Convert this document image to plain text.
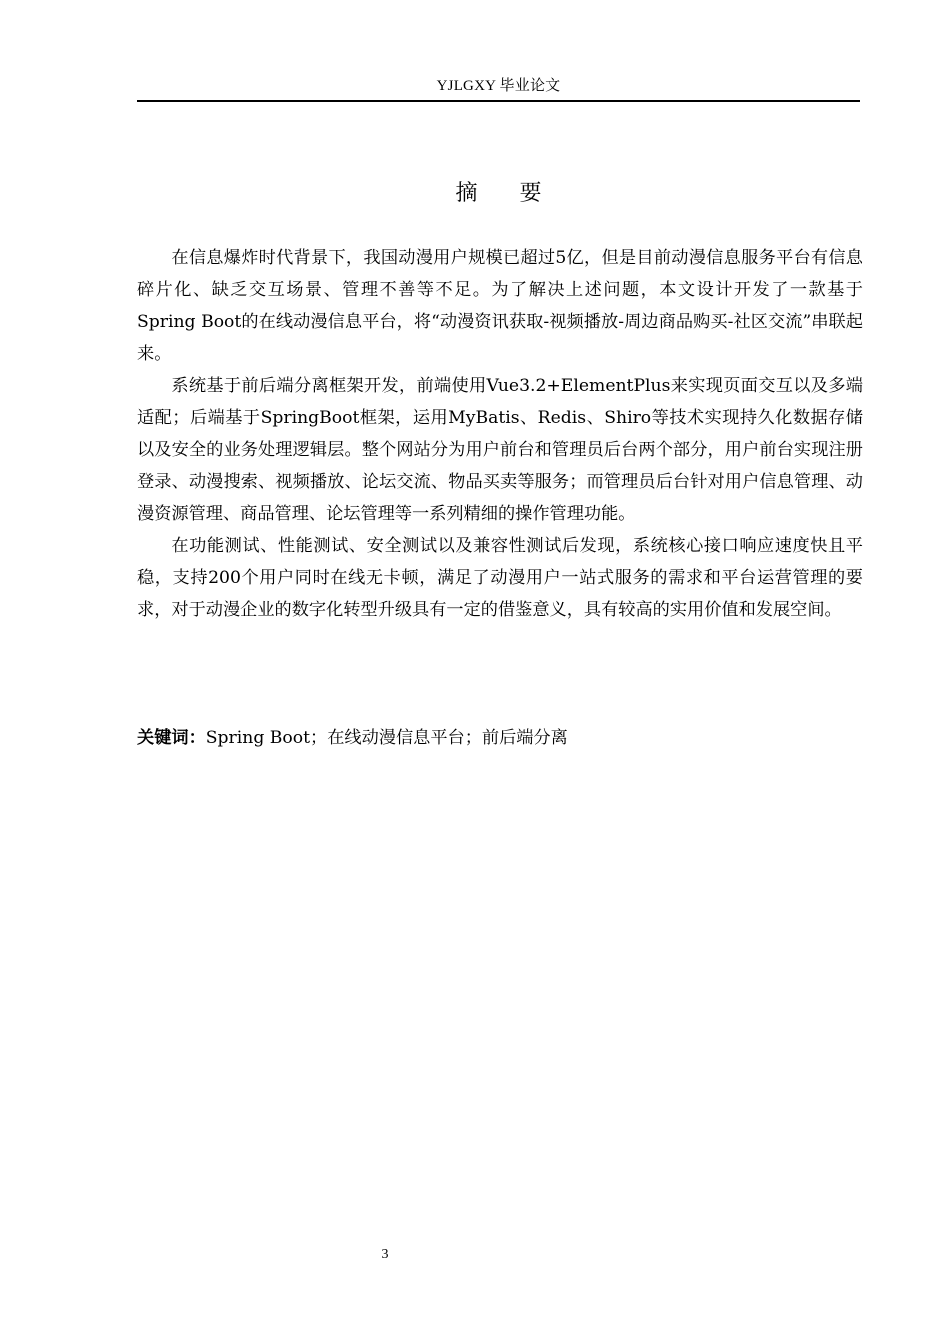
YJLGXY 毕业论文
摘要

在信息爆炸时代背景下，我国动漫用户规模已超过5亿，但是目前动漫信息服务平台有信息碎片化、缺乏交互场景、管理不善等不足。为了解决上述问题，本文设计开发了一款基于Spring Boot的在线动漫信息平台，将“动漫资讯获取-视频播放-周边商品购买-社区交流”串联起来。

系统基于前后端分离框架开发，前端使用Vue3.2+ElementPlus来实现页面交互以及多端适配；后端基于SpringBoot框架，运用MyBatis、Redis、Shiro等技术实现持久化数据存储以及安全的业务处理逻辑层。整个网站分为用户前台和管理员后台两个部分，用户前台实现注册登录、动漫搜索、视频播放、论坛交流、物品买卖等服务；而管理员后台针对用户信息管理、动漫资源管理、商品管理、论坛管理等一系列精细的操作管理功能。

在功能测试、性能测试、安全测试以及兼容性测试后发现，系统核心接口响应速度快且平稳，支持200个用户同时在线无卡顿，满足了动漫用户一站式服务的需求和平台运营管理的要求，对于动漫企业的数字化转型升级具有一定的借鉴意义，具有较高的实用价值和发展空间。

关键词：Spring Boot；在线动漫信息平台；前后端分离
3
